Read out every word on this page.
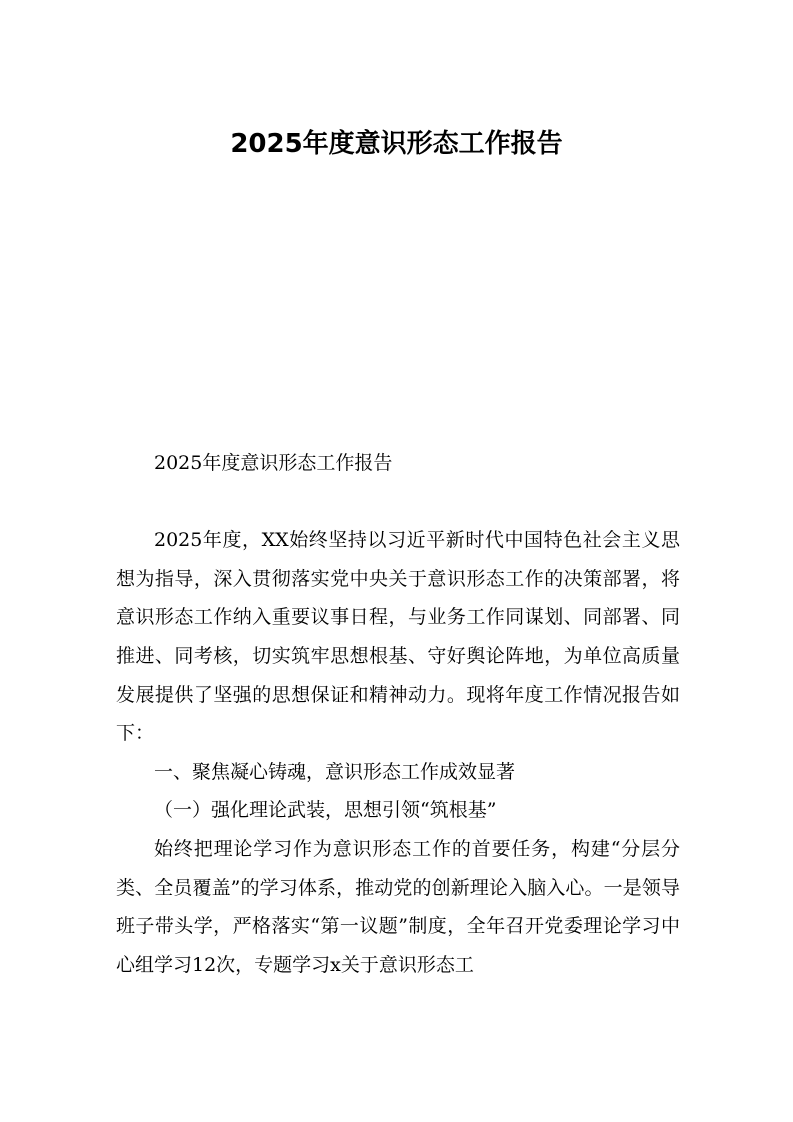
2025年度意识形态工作报告

2025年度意识形态工作报告

2025年度，XX始终坚持以习近平新时代中国特色社会主义思想为指导，深入贯彻落实党中央关于意识形态工作的决策部署，将意识形态工作纳入重要议事日程，与业务工作同谋划、同部署、同推进、同考核，切实筑牢思想根基、守好舆论阵地，为单位高质量发展提供了坚强的思想保证和精神动力。现将年度工作情况报告如下：

一、聚焦凝心铸魂，意识形态工作成效显著

（一）强化理论武装，思想引领“筑根基”

始终把理论学习作为意识形态工作的首要任务，构建“分层分类、全员覆盖”的学习体系，推动党的创新理论入脑入心。一是领导班子带头学，严格落实“第一议题”制度，全年召开党委理论学习中心组学习12次，专题学习x关于意识形态工
